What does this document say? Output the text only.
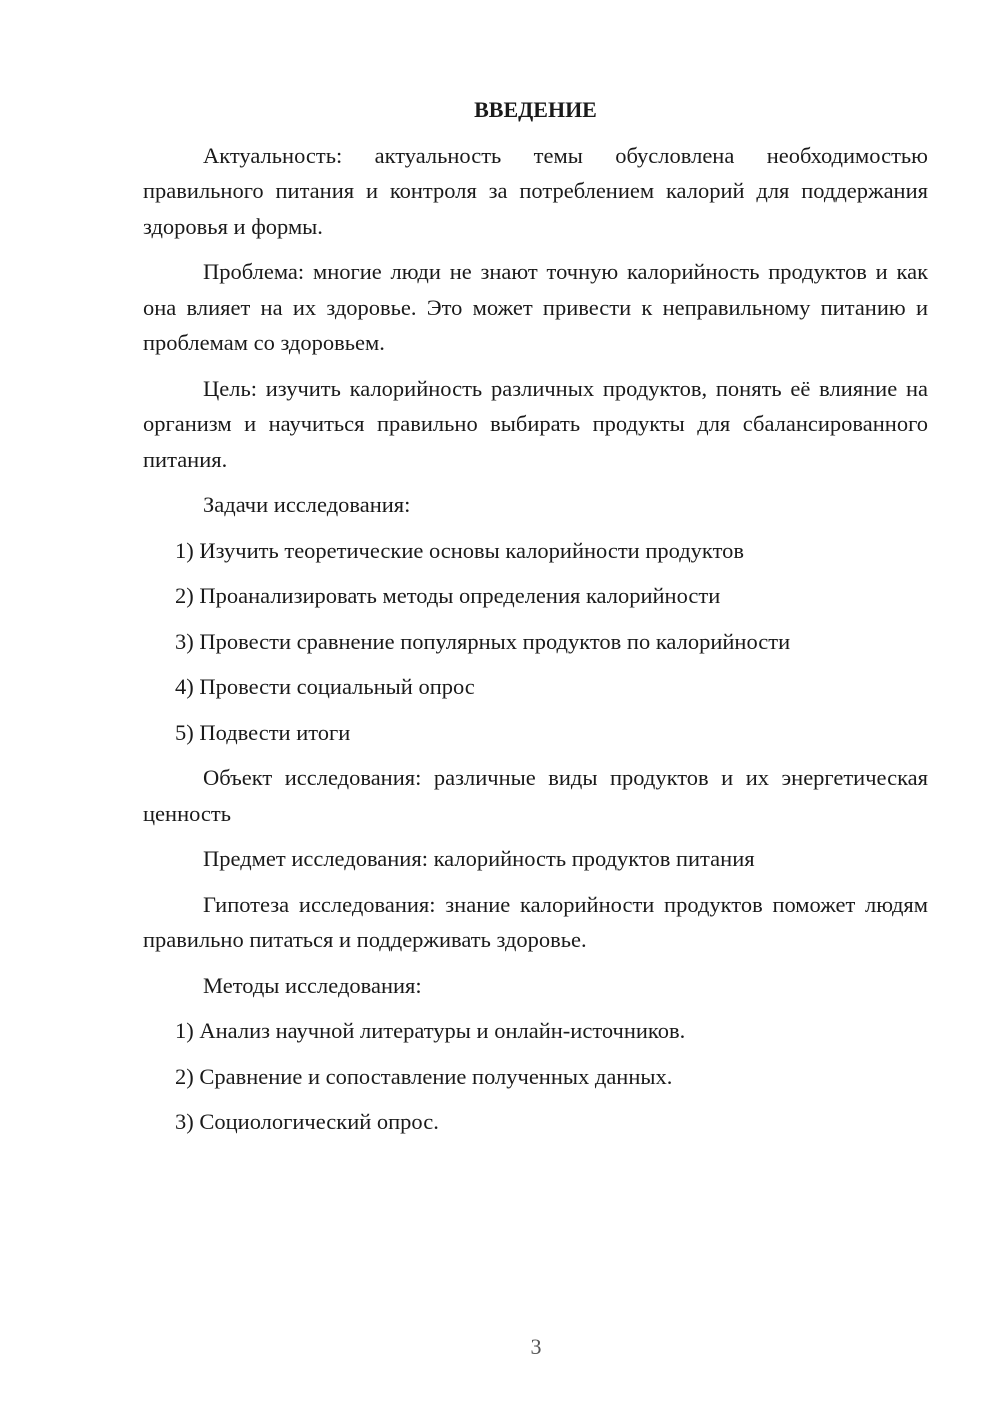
ВВЕДЕНИЕ

Актуальность: актуальность темы обусловлена необходимостью правильного питания и контроля за потреблением калорий для поддержания здоровья и формы.

Проблема: многие люди не знают точную калорийность продуктов и как она влияет на их здоровье. Это может привести к неправильному питанию и проблемам со здоровьем.

Цель: изучить калорийность различных продуктов, понять её влияние на организм и научиться правильно выбирать продукты для сбалансированного питания.

Задачи исследования:

1) Изучить теоретические основы калорийности продуктов
2) Проанализировать методы определения калорийности
3) Провести сравнение популярных продуктов по калорийности
4) Провести социальный опрос
5) Подвести итоги

Объект исследования: различные виды продуктов и их энергетическая ценность

Предмет исследования: калорийность продуктов питания

Гипотеза исследования: знание калорийности продуктов поможет людям правильно питаться и поддерживать здоровье.

Методы исследования:

1) Анализ научной литературы и онлайн-источников.
2) Сравнение и сопоставление полученных данных.
3) Социологический опрос.
3
